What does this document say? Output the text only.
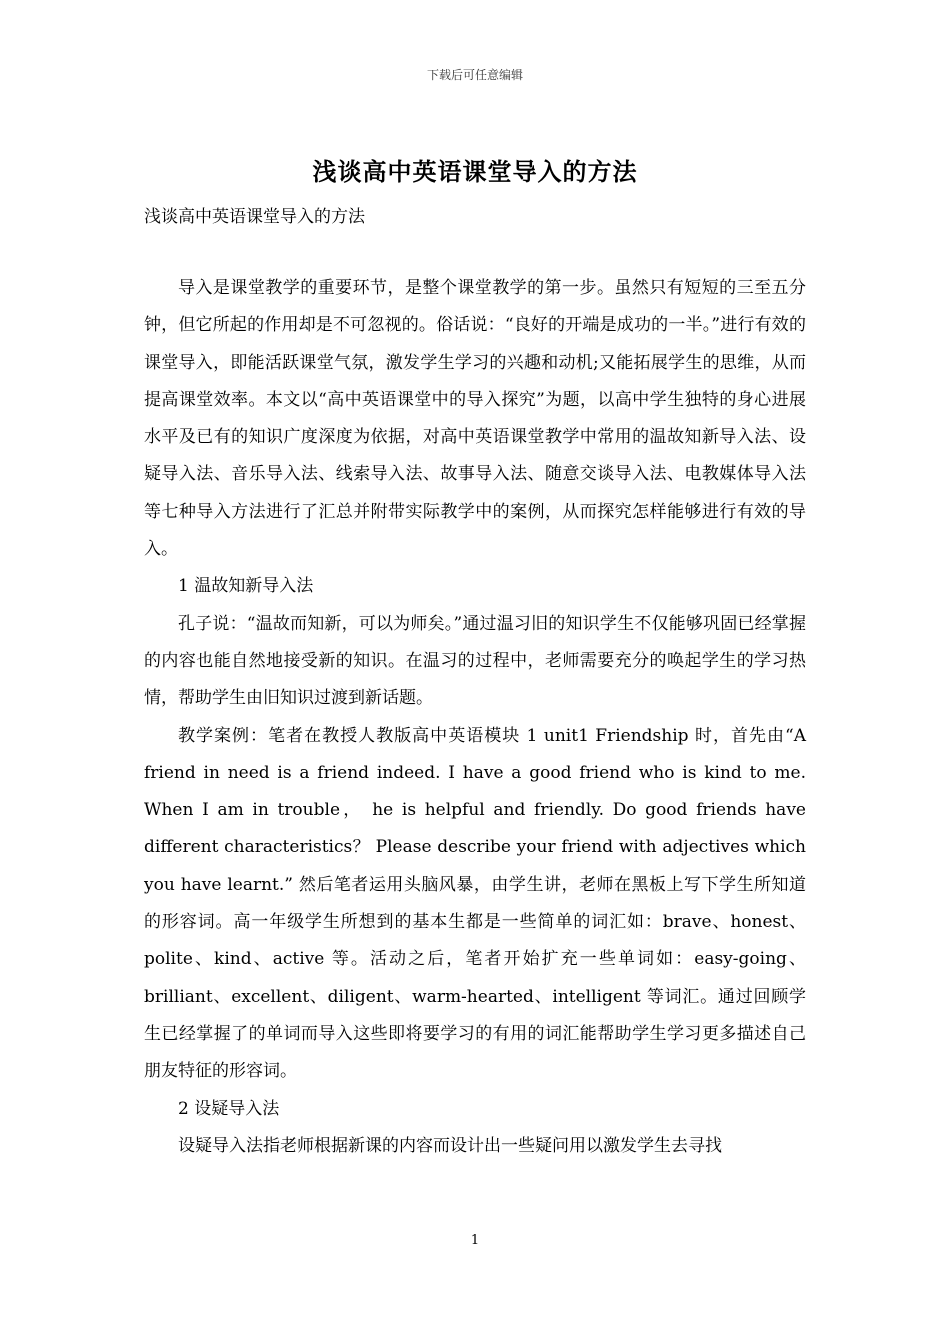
下载后可任意编辑
浅谈高中英语课堂导入的方法
浅谈高中英语课堂导入的方法

导入是课堂教学的重要环节，是整个课堂教学的第一步。虽然只有短短的三至五分钟，但它所起的作用却是不可忽视的。俗话说：“良好的开端是成功的一半。”进行有效的课堂导入，即能活跃课堂气氛，激发学生学习的兴趣和动机;又能拓展学生的思维，从而提高课堂效率。本文以“高中英语课堂中的导入探究”为题，以高中学生独特的身心进展水平及已有的知识广度深度为依据，对高中英语课堂教学中常用的温故知新导入法、设疑导入法、音乐导入法、线索导入法、故事导入法、随意交谈导入法、电教媒体导入法等七种导入方法进行了汇总并附带实际教学中的案例，从而探究怎样能够进行有效的导入。

1 温故知新导入法

孔子说：“温故而知新，可以为师矣。”通过温习旧的知识学生不仅能够巩固已经掌握的内容也能自然地接受新的知识。在温习的过程中，老师需要充分的唤起学生的学习热情，帮助学生由旧知识过渡到新话题。

教学案例：笔者在教授人教版高中英语模块 1 unit1 Friendship 时，首先由“A friend in need is a friend indeed. I have a good friend who is kind to me. When I am in trouble， he is helpful and friendly. Do good friends have different characteristics？ Please describe your friend with adjectives which you have learnt.” 然后笔者运用头脑风暴，由学生讲，老师在黑板上写下学生所知道的形容词。高一年级学生所想到的基本生都是一些简单的词汇如：brave、honest、polite、kind、active 等。活动之后，笔者开始扩充一些单词如：easy-going、brilliant、excellent、diligent、warm-hearted、intelligent 等词汇。通过回顾学生已经掌握了的单词而导入这些即将要学习的有用的词汇能帮助学生学习更多描述自己朋友特征的形容词。

2 设疑导入法

设疑导入法指老师根据新课的内容而设计出一些疑问用以激发学生去寻找

1
